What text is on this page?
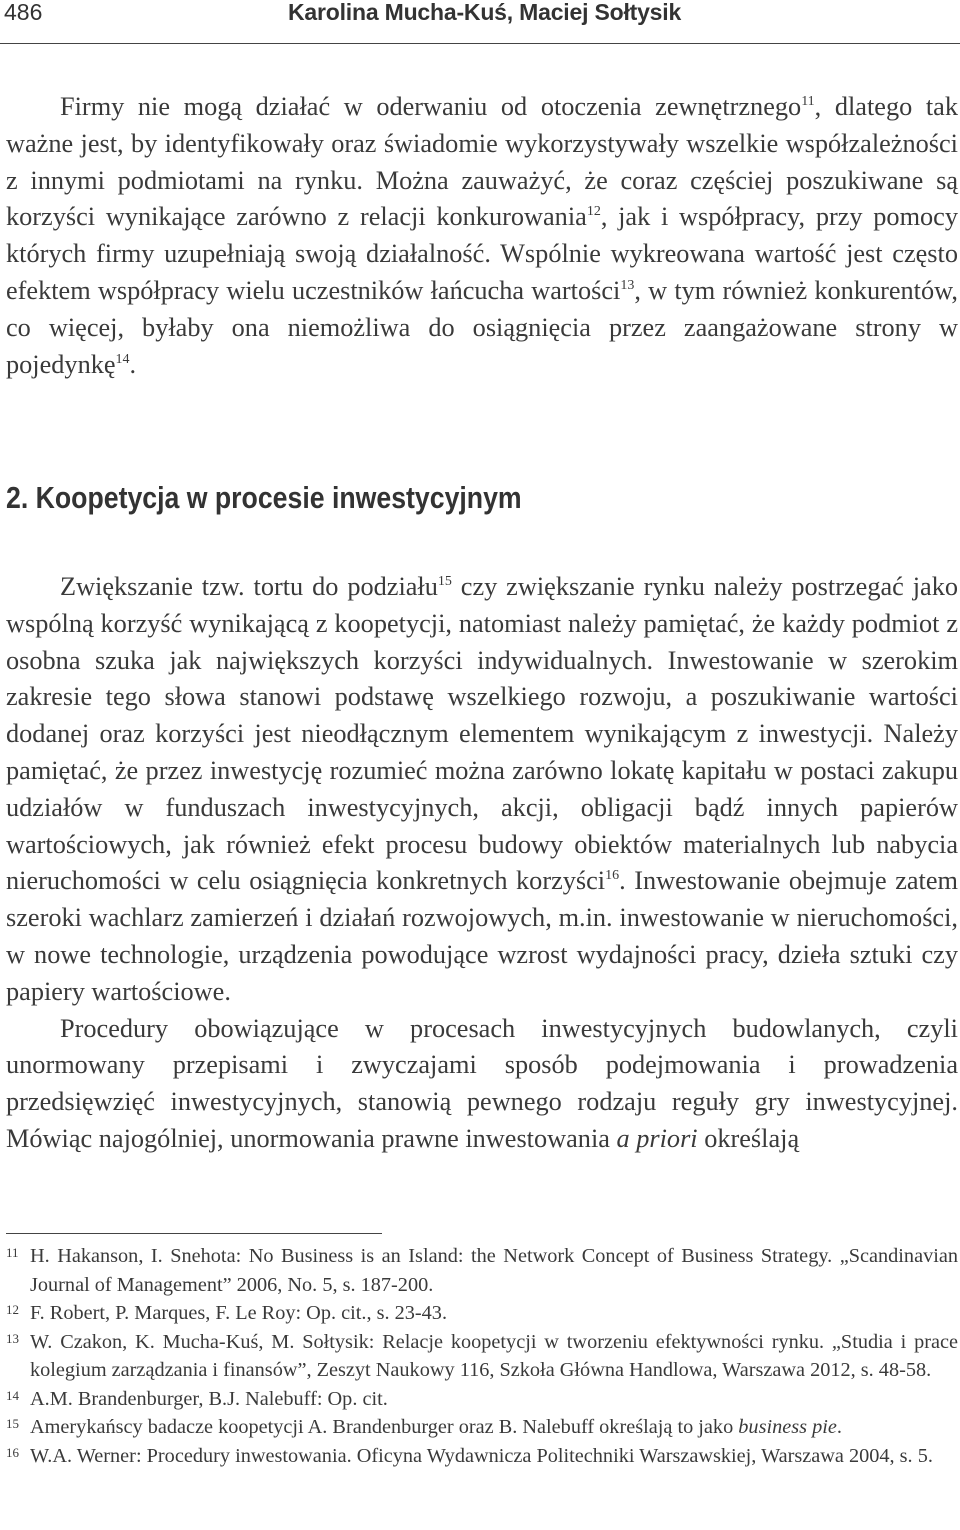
486	Karolina Mucha-Kuś, Maciej Sołtysik

Firmy nie mogą działać w oderwaniu od otoczenia zewnętrznego$^{11}$, dlatego tak ważne jest, by identyfikowały oraz świadomie wykorzystywały wszelkie współzależności z innymi podmiotami na rynku. Można zauważyć, że coraz częściej poszukiwane są korzyści wynikające zarówno z relacji konkurowania$^{12}$, jak i współpracy, przy pomocy których firmy uzupełniają swoją działalność. Wspólnie wykreowana wartość jest często efektem współpracy wielu uczestników łańcucha wartości$^{13}$, w tym również konkurentów, co więcej, byłaby ona niemożliwa do osiągnięcia przez zaangażowane strony w pojedynkę$^{14}$.

2. Koopetycja w procesie inwestycyjnym

Zwiększanie tzw. tortu do podziału$^{15}$ czy zwiększanie rynku należy postrzegać jako wspólną korzyść wynikającą z koopetycji, natomiast należy pamiętać, że każdy podmiot z osobna szuka jak największych korzyści indywidualnych. Inwestowanie w szerokim zakresie tego słowa stanowi podstawę wszelkiego rozwoju, a poszukiwanie wartości dodanej oraz korzyści jest nieodłącznym elementem wynikającym z inwestycji. Należy pamiętać, że przez inwestycję rozumieć można zarówno lokatę kapitału w postaci zakupu udziałów w funduszach inwestycyjnych, akcji, obligacji bądź innych papierów wartościowych, jak również efekt procesu budowy obiektów materialnych lub nabycia nieruchomości w celu osiągnięcia konkretnych korzyści$^{16}$. Inwestowanie obejmuje zatem szeroki wachlarz zamierzeń i działań rozwojowych, m.in. inwestowanie w nieruchomości, w nowe technologie, urządzenia powodujące wzrost wydajności pracy, dzieła sztuki czy papiery wartościowe.

Procedury obowiązujące w procesach inwestycyjnych budowlanych, czyli unormowany przepisami i zwyczajami sposób podejmowania i prowadzenia przedsięwzięć inwestycyjnych, stanowią pewnego rodzaju reguły gry inwestycyjnej. Mówiąc najogólniej, unormowania prawne inwestowania a priori określają

11 H. Hakanson, I. Snehota: No Business is an Island: the Network Concept of Business Strategy. „Scandinavian Journal of Management” 2006, No. 5, s. 187-200.
12 F. Robert, P. Marques, F. Le Roy: Op. cit., s. 23-43.
13 W. Czakon, K. Mucha-Kuś, M. Sołtysik: Relacje koopetycji w tworzeniu efektywności rynku. „Studia i prace kolegium zarządzania i finansów”, Zeszyt Naukowy 116, Szkoła Główna Handlowa, Warszawa 2012, s. 48-58.
14 A.M. Brandenburger, B.J. Nalebuff: Op. cit.
15 Amerykańscy badacze koopetycji A. Brandenburger oraz B. Nalebuff określają to jako business pie.
16 W.A. Werner: Procedury inwestowania. Oficyna Wydawnicza Politechniki Warszawskiej, Warszawa 2004, s. 5.
